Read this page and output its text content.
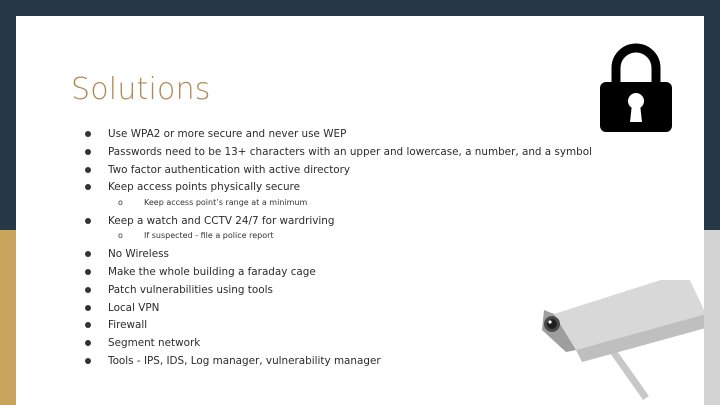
Solutions
Use WPA2 or more secure and never use WEP
Passwords need to be 13+ characters with an upper and lowercase, a number, and a symbol
Two factor authentication with active directory
Keep access points physically secure
o	Keep access point’s range at a minimum
Keep a watch and CCTV 24/7 for wardriving
o	If suspected - file a police report
No Wireless
Make the whole building a faraday cage
Patch vulnerabilities using tools
Local VPN
Firewall
Segment network
Tools - IPS, IDS, Log manager, vulnerability manager
